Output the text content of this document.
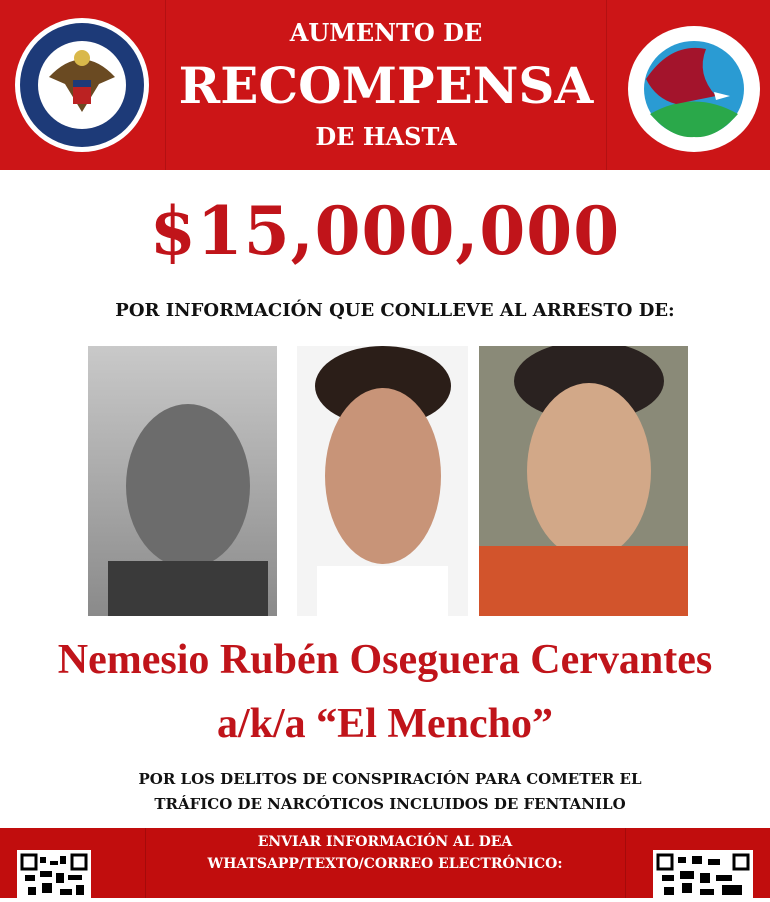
AUMENTO DE
RECOMPENSA
DE HASTA
$15,000,000
POR INFORMACIÓN QUE CONLLEVE AL ARRESTO DE:
Nemesio Rubén Oseguera Cervantes
a/k/a “El Mencho”
POR LOS DELITOS DE CONSPIRACIÓN PARA COMETER EL
TRÁFICO DE NARCÓTICOS INCLUIDOS DE FENTANILO
ENVIAR INFORMACIÓN AL DEA
WHATSAPP/TEXTO/CORREO ELECTRÓNICO:
